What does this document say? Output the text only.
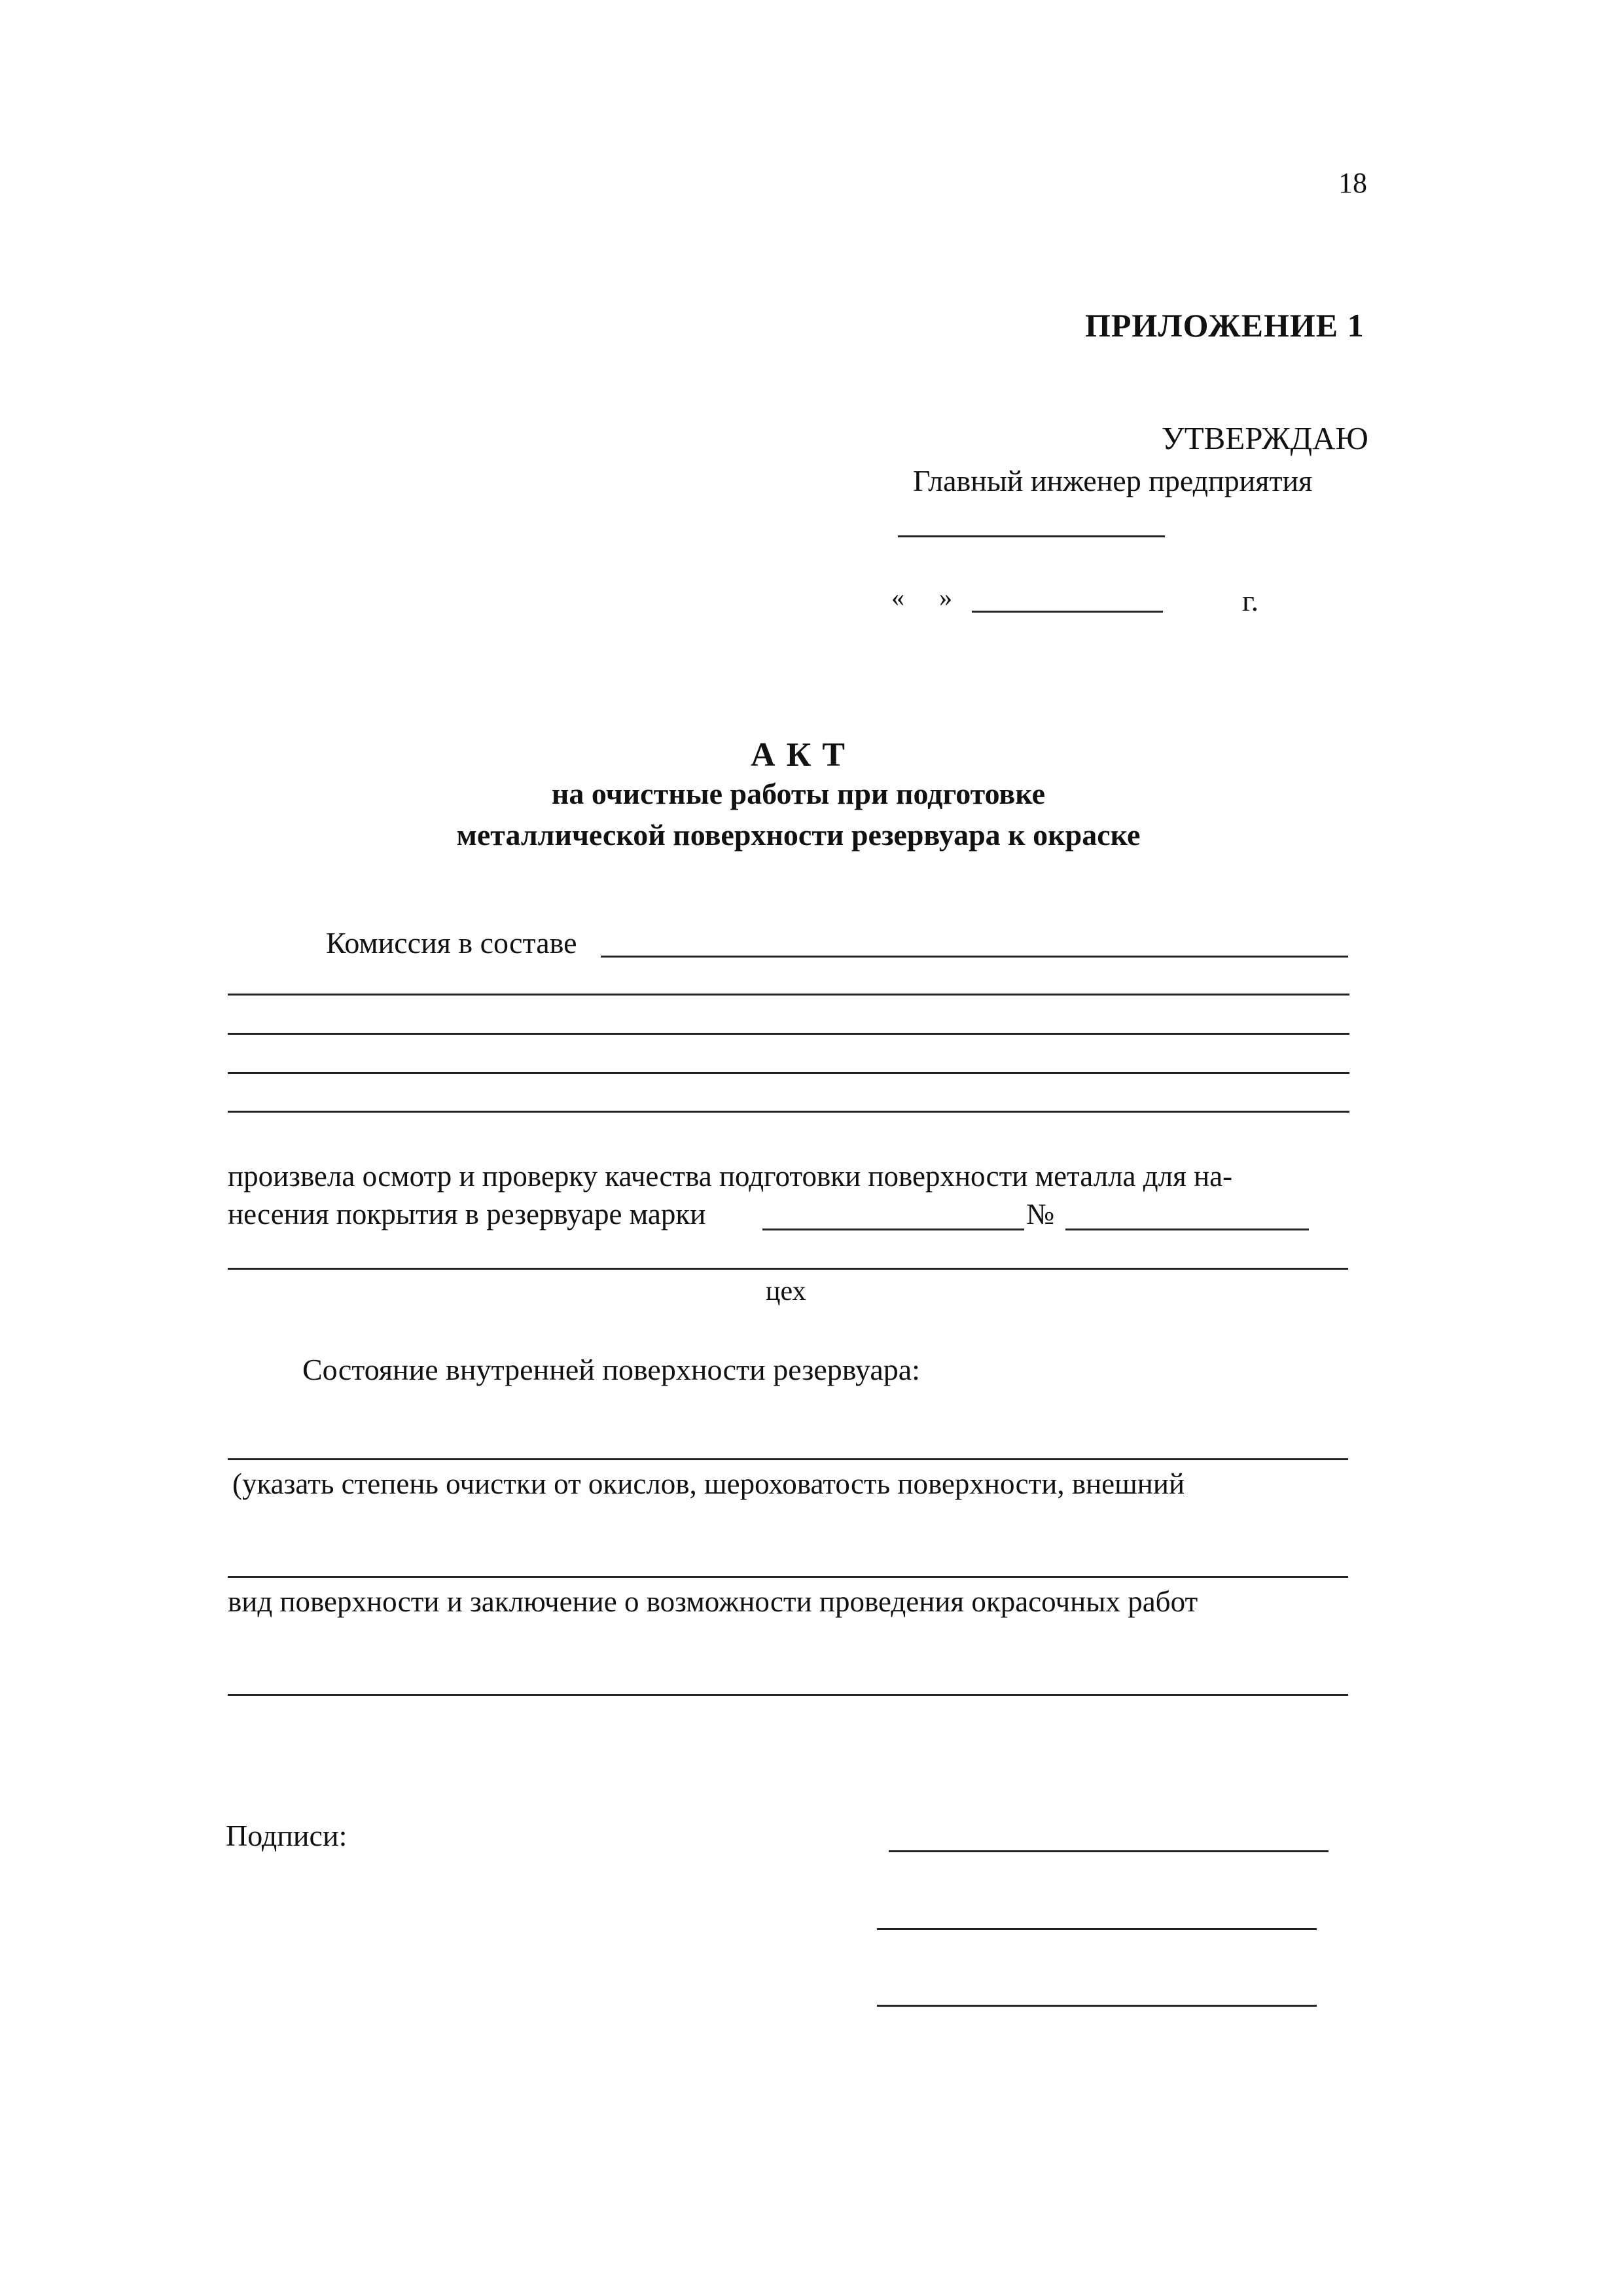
18
ПРИЛОЖЕНИЕ 1
УТВЕРЖДАЮ
Главный инженер предприятия
« »	г.
А К Т
на очистные работы при подготовке
металлической поверхности резервуара к окраске
Комиссия в составе
произвела осмотр и проверку качества подготовки поверхности металла для на-
несения покрытия в резервуаре марки	№
цех
Состояние внутренней поверхности резервуара:
(указать степень очистки от окислов, шероховатость поверхности, внешний
вид поверхности и заключение о возможности проведения окрасочных работ
Подписи:
